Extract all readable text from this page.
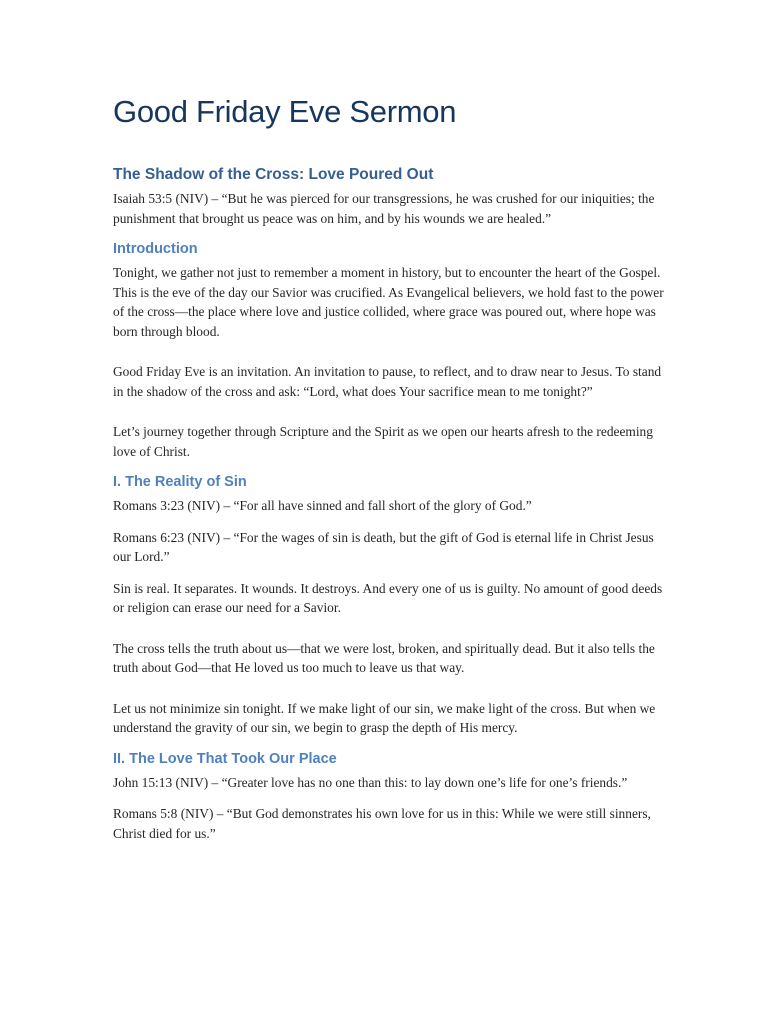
Good Friday Eve Sermon
The Shadow of the Cross: Love Poured Out

Isaiah 53:5 (NIV) – “But he was pierced for our transgressions, he was crushed for our iniquities; the punishment that brought us peace was on him, and by his wounds we are healed.”

Introduction

Tonight, we gather not just to remember a moment in history, but to encounter the heart of the Gospel. This is the eve of the day our Savior was crucified. As Evangelical believers, we hold fast to the power of the cross—the place where love and justice collided, where grace was poured out, where hope was born through blood.

Good Friday Eve is an invitation. An invitation to pause, to reflect, and to draw near to Jesus. To stand in the shadow of the cross and ask: “Lord, what does Your sacrifice mean to me tonight?”

Let’s journey together through Scripture and the Spirit as we open our hearts afresh to the redeeming love of Christ.

I. The Reality of Sin

Romans 3:23 (NIV) – “For all have sinned and fall short of the glory of God.”

Romans 6:23 (NIV) – “For the wages of sin is death, but the gift of God is eternal life in Christ Jesus our Lord.”

Sin is real. It separates. It wounds. It destroys. And every one of us is guilty. No amount of good deeds or religion can erase our need for a Savior.

The cross tells the truth about us—that we were lost, broken, and spiritually dead. But it also tells the truth about God—that He loved us too much to leave us that way.

Let us not minimize sin tonight. If we make light of our sin, we make light of the cross. But when we understand the gravity of our sin, we begin to grasp the depth of His mercy.

II. The Love That Took Our Place

John 15:13 (NIV) – “Greater love has no one than this: to lay down one’s life for one’s friends.”

Romans 5:8 (NIV) – “But God demonstrates his own love for us in this: While we were still sinners, Christ died for us.”
